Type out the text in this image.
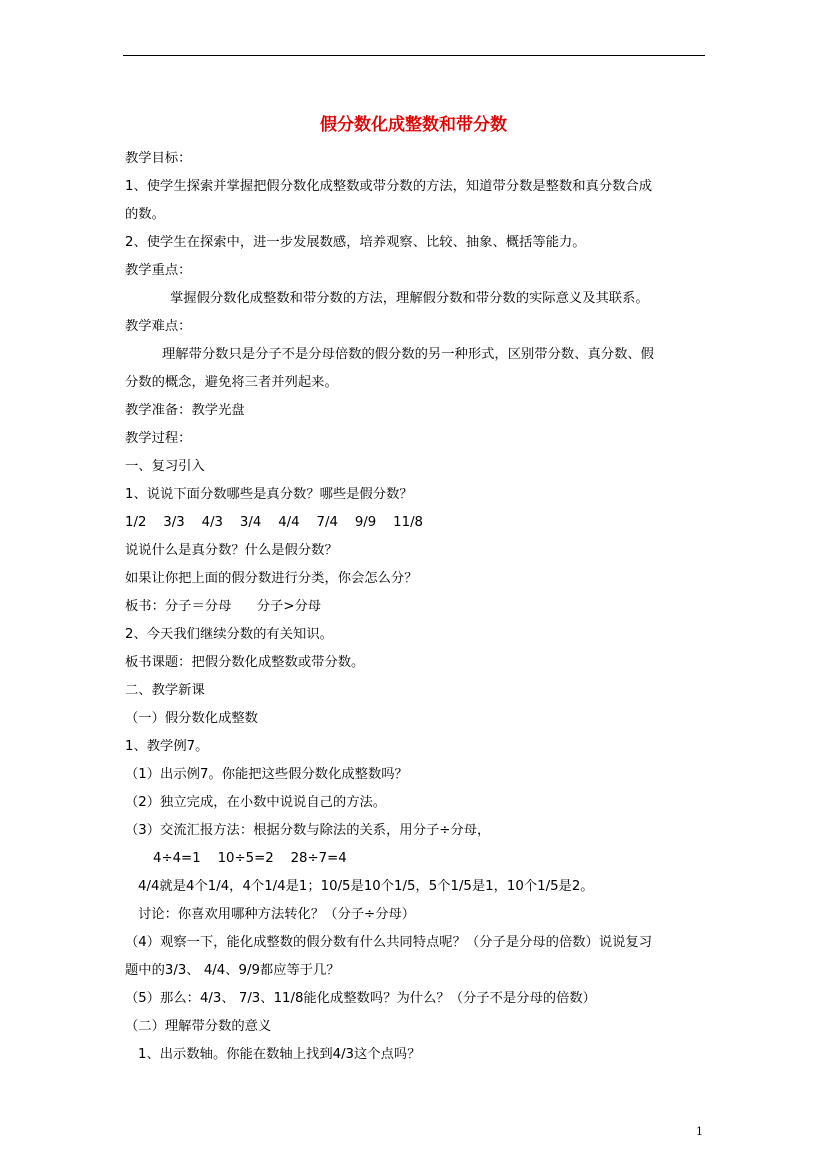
假分数化成整数和带分数
教学目标：
1、使学生探索并掌握把假分数化成整数或带分数的方法，知道带分数是整数和真分数合成
的数。
2、使学生在探索中，进一步发展数感，培养观察、比较、抽象、概括等能力。
教学重点：
掌握假分数化成整数和带分数的方法，理解假分数和带分数的实际意义及其联系。
教学难点：
理解带分数只是分子不是分母倍数的假分数的另一种形式，区别带分数、真分数、假
分数的概念，避免将三者并列起来。
教学准备：教学光盘
教学过程：
一、复习引入
1、说说下面分数哪些是真分数？哪些是假分数？
1/2    3/3    4/3    3/4    4/4    7/4    9/9    11/8
说说什么是真分数？什么是假分数？
如果让你把上面的假分数进行分类，你会怎么分？
板书：分子＝分母      分子>分母
2、今天我们继续分数的有关知识。
板书课题：把假分数化成整数或带分数。
二、教学新课
（一）假分数化成整数
1、教学例7。
（1）出示例7。你能把这些假分数化成整数吗？
（2）独立完成，在小数中说说自己的方法。
（3）交流汇报方法：根据分数与除法的关系，用分子÷分母，
4÷4=1    10÷5=2    28÷7=4
4/4就是4个1/4，4个1/4是1；10/5是10个1/5，5个1/5是1，10个1/5是2。
讨论：你喜欢用哪种方法转化？（分子÷分母）
（4）观察一下，能化成整数的假分数有什么共同特点呢？（分子是分母的倍数）说说复习
题中的3/3、 4/4、9/9都应等于几？
（5）那么：4/3、 7/3、11/8能化成整数吗？为什么？（分子不是分母的倍数）
（二）理解带分数的意义
1、出示数轴。你能在数轴上找到4/3这个点吗？
1
